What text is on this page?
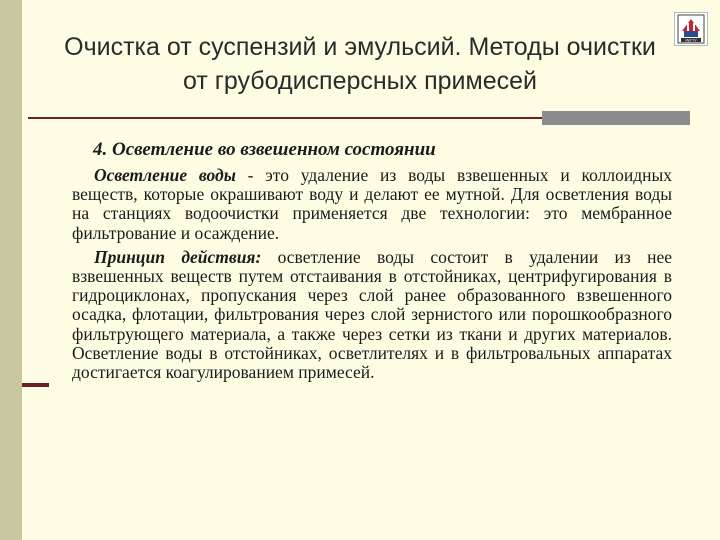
Очистка от суспензий и эмульсий. Методы очистки от грубодисперсных примесей
ИрГТУ
4. Осветление во взвешенном состоянии

Осветление воды - это удаление из воды взвешенных и коллоидных веществ, которые окрашивают воду и делают ее мутной. Для осветления воды на станциях водоочистки применяется две технологии: это мембранное фильтрование и осаждение.

Принцип действия: осветление воды состоит в удалении из нее взвешенных веществ путем отстаивания в отстойниках, центрифугирования в гидроциклонах, пропускания через слой ранее образованного взвешенного осадка, флотации, фильтрования через слой зернистого или порошкообразного фильтрующего материала, а также через сетки из ткани и других материалов. Осветление воды в отстойниках, осветлителях и в фильтровальных аппаратах достигается коагулированием примесей.
